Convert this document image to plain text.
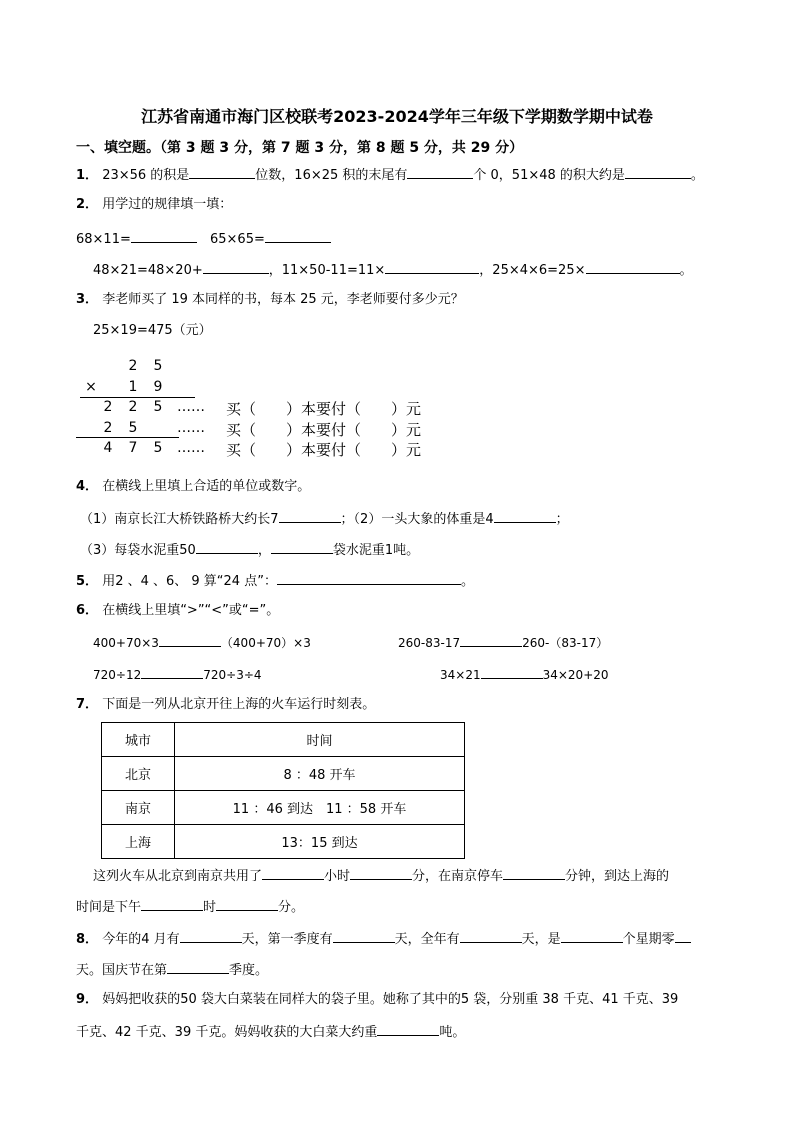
江苏省南通市海门区校联考2023-2024学年三年级下学期数学期中试卷
一、填空题。（第 3 题 3 分，第 7 题 3 分，第 8 题 5 分，共 29 分）
1． 23×56 的积是	位数，16×25 积的末尾有	个 0，51×48 的积大约是	。
2． 用学过的规律填一填：
68×11=	65×65=
48×21=48×20+	，11×50-11=11×	，25×4×6=25×	。
3． 李老师买了 19 本同样的书，每本 25 元，李老师要付多少元？
25×19=475（元）
2	5
×	1	9
2	2	5	…… 买（　　）本要付（　　）元
2	5	…… 买（　　）本要付（　　）元
4	7	5	…… 买（　　）本要付（　　）元
4． 在横线上里填上合适的单位或数字。
（1）南京长江大桥铁路桥大约长7	；（2）一头大象的体重是4	；
（3）每袋水泥重50	，	袋水泥重1吨。
5． 用2 、4 、6、 9 算“24 点”：	。
6． 在横线上里填“>”“<”或“=”。
400+70×3	（400+70）×3	260-83-17	260-（83-17）
720÷12	720÷3÷4	34×21	34×20+20
7． 下面是一列从北京开往上海的火车运行时刻表。
城市	时间
北京	8 ：48 开车
南京	11 ：46 到达　11 ：58 开车
上海	13：15 到达
这列火车从北京到南京共用了	小时	分，在南京停车	分钟，到达上海的
时间是下午	时	分。
8． 今年的4 月有	天，第一季度有	天，全年有	天，是	个星期零
天。国庆节在第	季度。
9． 妈妈把收获的50 袋大白菜装在同样大的袋子里。她称了其中的5 袋，分别重 38 千克、41 千克、39
千克、42 千克、39 千克。妈妈收获的大白菜大约重	吨。
